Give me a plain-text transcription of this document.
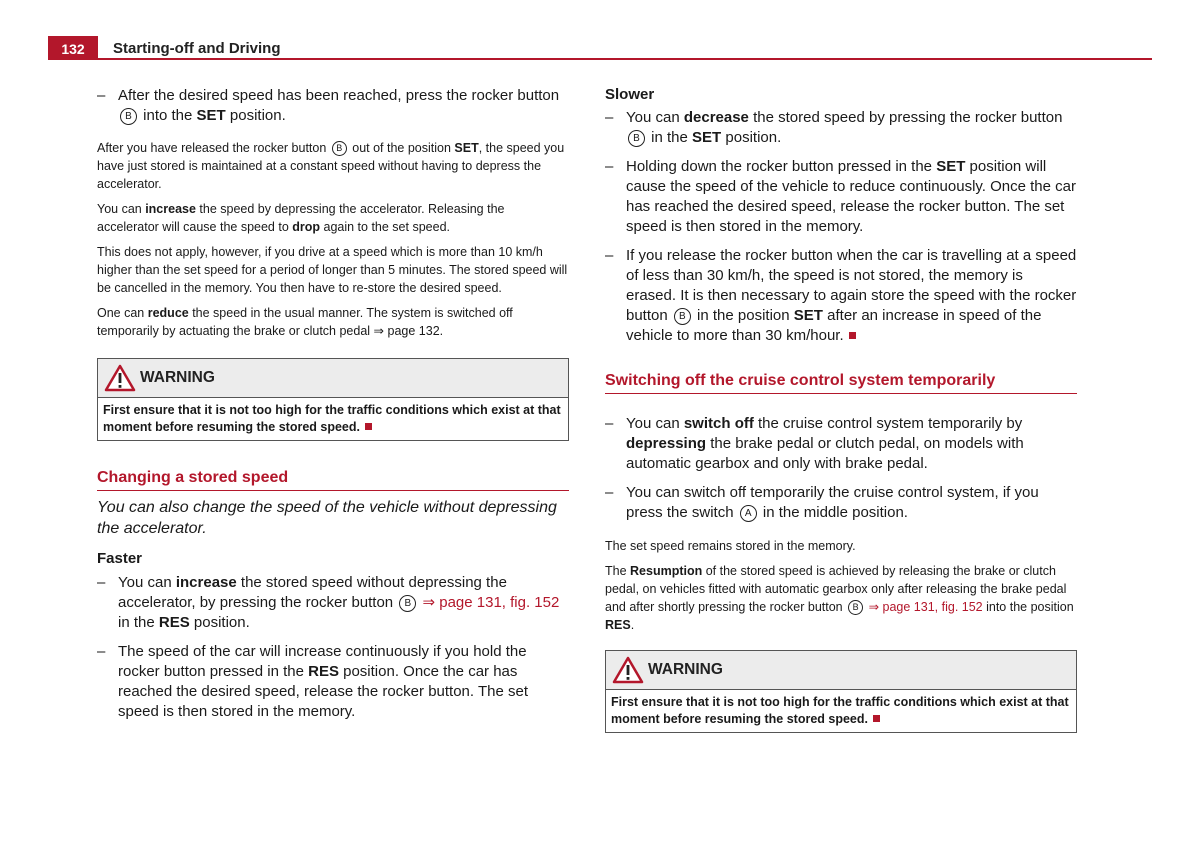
132	Starting-off and Driving
– After the desired speed has been reached, press the rocker button B into the SET position.

After you have released the rocker button B out of the position SET, the speed you have just stored is maintained at a constant speed without having to depress the accelerator.

You can increase the speed by depressing the accelerator. Releasing the accelerator will cause the speed to drop again to the set speed.

This does not apply, however, if you drive at a speed which is more than 10 km/h higher than the set speed for a period of longer than 5 minutes. The stored speed will be cancelled in the memory. You then have to re-store the desired speed.

One can reduce the speed in the usual manner. The system is switched off temporarily by actuating the brake or clutch pedal ⇒ page 132.

WARNING
First ensure that it is not too high for the traffic conditions which exist at that moment before resuming the stored speed.
Changing a stored speed

You can also change the speed of the vehicle without depressing the accelerator.

Faster

– You can increase the stored speed without depressing the accelerator, by pressing the rocker button B ⇒ page 131, fig. 152 in the RES position.
– The speed of the car will increase continuously if you hold the rocker button pressed in the RES position. Once the car has reached the desired speed, release the rocker button. The set speed is then stored in the memory.

Slower

– You can decrease the stored speed by pressing the rocker button B in the SET position.
– Holding down the rocker button pressed in the SET position will cause the speed of the vehicle to reduce continuously. Once the car has reached the desired speed, release the rocker button. The set speed is then stored in the memory.
– If you release the rocker button when the car is travelling at a speed of less than 30 km/h, the speed is not stored, the memory is erased. It is then necessary to again store the speed with the rocker button B in the position SET after an increase in speed of the vehicle to more than 30 km/hour.
Switching off the cruise control system temporarily
– You can switch off the cruise control system temporarily by depressing the brake pedal or clutch pedal, on models with automatic gearbox and only with brake pedal.
– You can switch off temporarily the cruise control system, if you press the switch A in the middle position.

The set speed remains stored in the memory.

The Resumption of the stored speed is achieved by releasing the brake or clutch pedal, on vehicles fitted with automatic gearbox only after releasing the brake pedal and after shortly pressing the rocker button B ⇒ page 131, fig. 152 into the position RES.

WARNING
First ensure that it is not too high for the traffic conditions which exist at that moment before resuming the stored speed.
